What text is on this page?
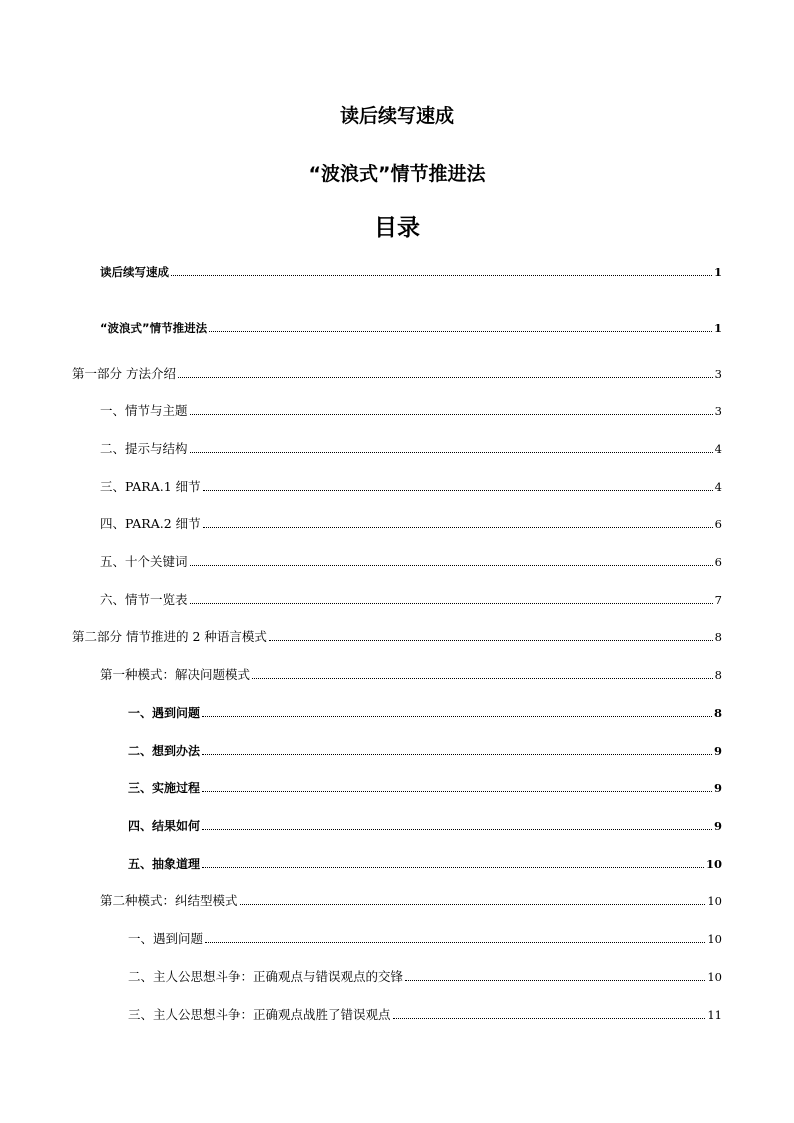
读后续写速成
“波浪式”情节推进法
目录
读后续写速成	1
“波浪式”情节推进法	1
第一部分 方法介绍	3
一、情节与主题	3
二、提示与结构	4
三、PARA.1 细节	4
四、PARA.2 细节	6
五、十个关键词	6
六、情节一览表	7
第二部分 情节推进的 2 种语言模式	8
第一种模式：解决问题模式	8
一、遇到问题	8
二、想到办法	9
三、实施过程	9
四、结果如何	9
五、抽象道理	10
第二种模式：纠结型模式	10
一、遇到问题	10
二、主人公思想斗争：正确观点与错误观点的交锋	10
三、主人公思想斗争：正确观点战胜了错误观点	11
